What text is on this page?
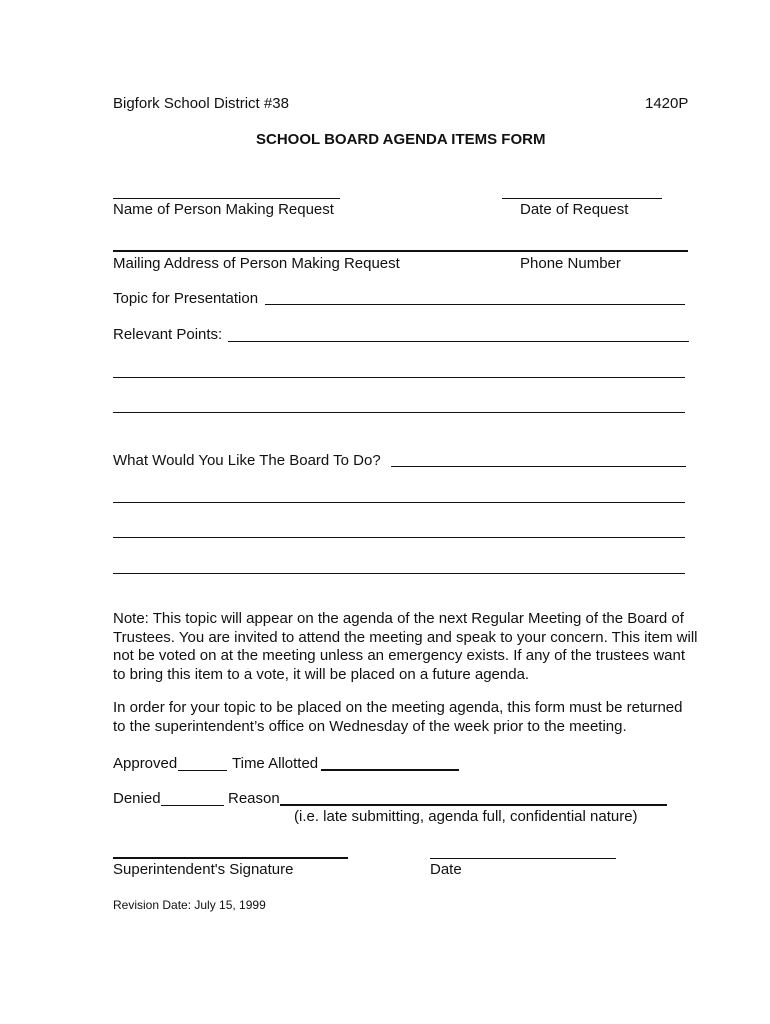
Bigfork School District #38	1420P
SCHOOL BOARD AGENDA ITEMS FORM
Name of Person Making Request	Date of Request
Mailing Address of Person Making Request	Phone Number
Topic for Presentation
Relevant Points:
What Would You Like The Board To Do?
Note: This topic will appear on the agenda of the next Regular Meeting of the Board of Trustees. You are invited to attend the meeting and speak to your concern. This item will not be voted on at the meeting unless an emergency exists. If any of the trustees want to bring this item to a vote, it will be placed on a future agenda.
In order for your topic to be placed on the meeting agenda, this form must be returned to the superintendent’s office on Wednesday of the week prior to the meeting.
Approved	Time Allotted
Denied	Reason
(i.e. late submitting, agenda full, confidential nature)
Superintendent's Signature	Date
Revision Date: July 15, 1999
